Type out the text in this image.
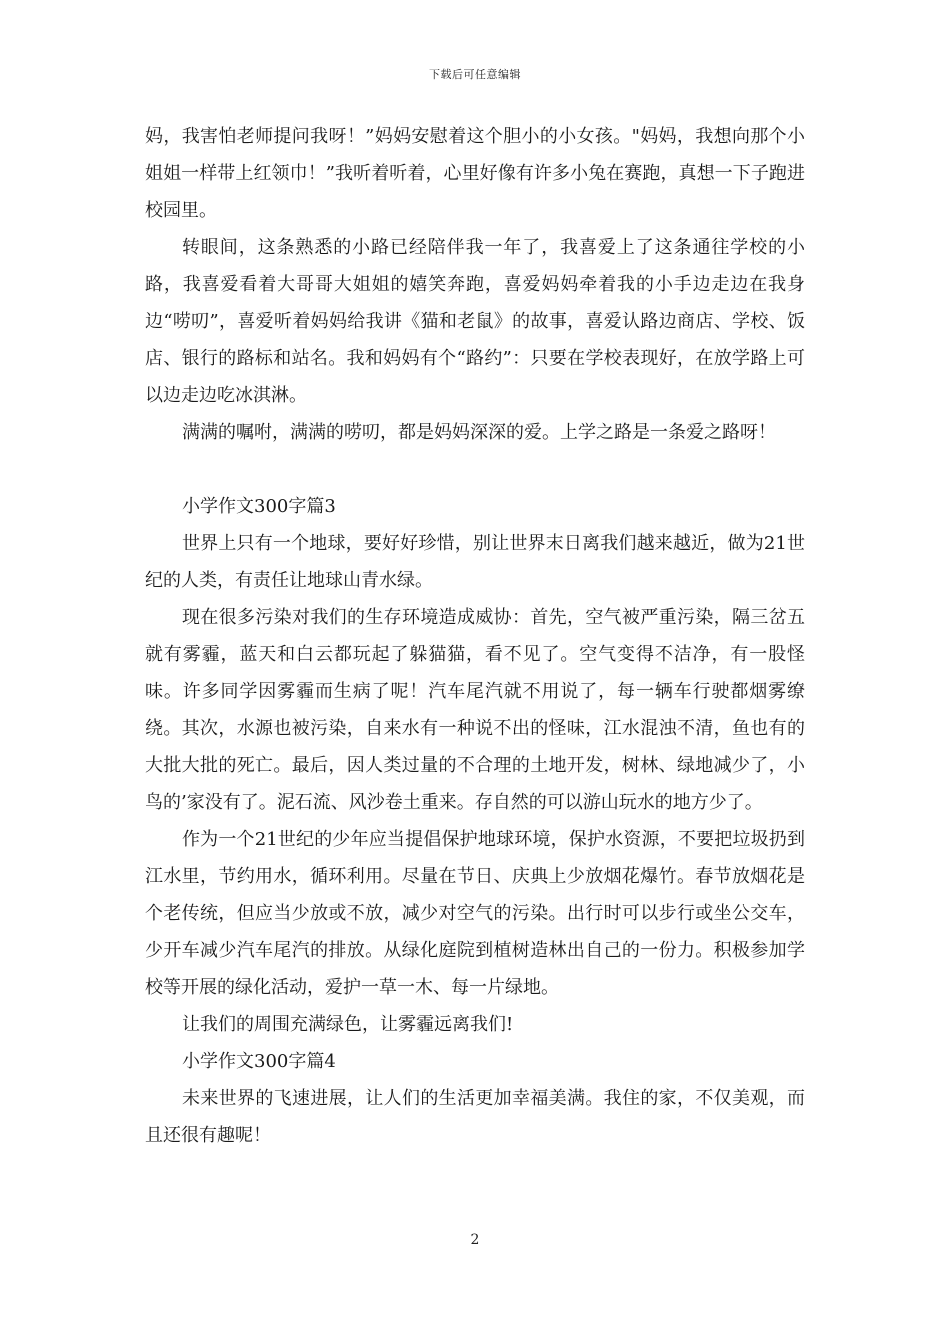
下载后可任意编辑

妈，我害怕老师提问我呀！”妈妈安慰着这个胆小的小女孩。"妈妈，我想向那个小姐姐一样带上红领巾！”我听着听着，心里好像有许多小兔在赛跑，真想一下子跑进校园里。

转眼间，这条熟悉的小路已经陪伴我一年了，我喜爱上了这条通往学校的小路，我喜爱看着大哥哥大姐姐的嬉笑奔跑，喜爱妈妈牵着我的小手边走边在我身边“唠叨”，喜爱听着妈妈给我讲《猫和老鼠》的故事，喜爱认路边商店、学校、饭店、银行的路标和站名。我和妈妈有个“路约”：只要在学校表现好，在放学路上可以边走边吃冰淇淋。

满满的嘱咐，满满的唠叨，都是妈妈深深的爱。上学之路是一条爱之路呀！

小学作文300字篇3

世界上只有一个地球，要好好珍惜，别让世界末日离我们越来越近，做为21世纪的人类，有责任让地球山青水绿。

现在很多污染对我们的生存环境造成威协：首先，空气被严重污染，隔三岔五就有雾霾，蓝天和白云都玩起了躲猫猫，看不见了。空气变得不洁净，有一股怪味。许多同学因雾霾而生病了呢！汽车尾汽就不用说了，每一辆车行驶都烟雾缭绕。其次，水源也被污染，自来水有一种说不出的怪味，江水混浊不清，鱼也有的大批大批的死亡。最后，因人类过量的不合理的土地开发，树林、绿地减少了，小鸟的’家没有了。泥石流、风沙卷土重来。存自然的可以游山玩水的地方少了。

作为一个21世纪的少年应当提倡保护地球环境，保护水资源，不要把垃圾扔到江水里，节约用水，循环利用。尽量在节日、庆典上少放烟花爆竹。春节放烟花是个老传统，但应当少放或不放，减少对空气的污染。出行时可以步行或坐公交车，少开车减少汽车尾汽的排放。从绿化庭院到植树造林出自己的一份力。积极参加学校等开展的绿化活动，爱护一草一木、每一片绿地。

让我们的周围充满绿色，让雾霾远离我们!

小学作文300字篇4

未来世界的飞速进展，让人们的生活更加幸福美满。我住的家，不仅美观，而且还很有趣呢！

2
